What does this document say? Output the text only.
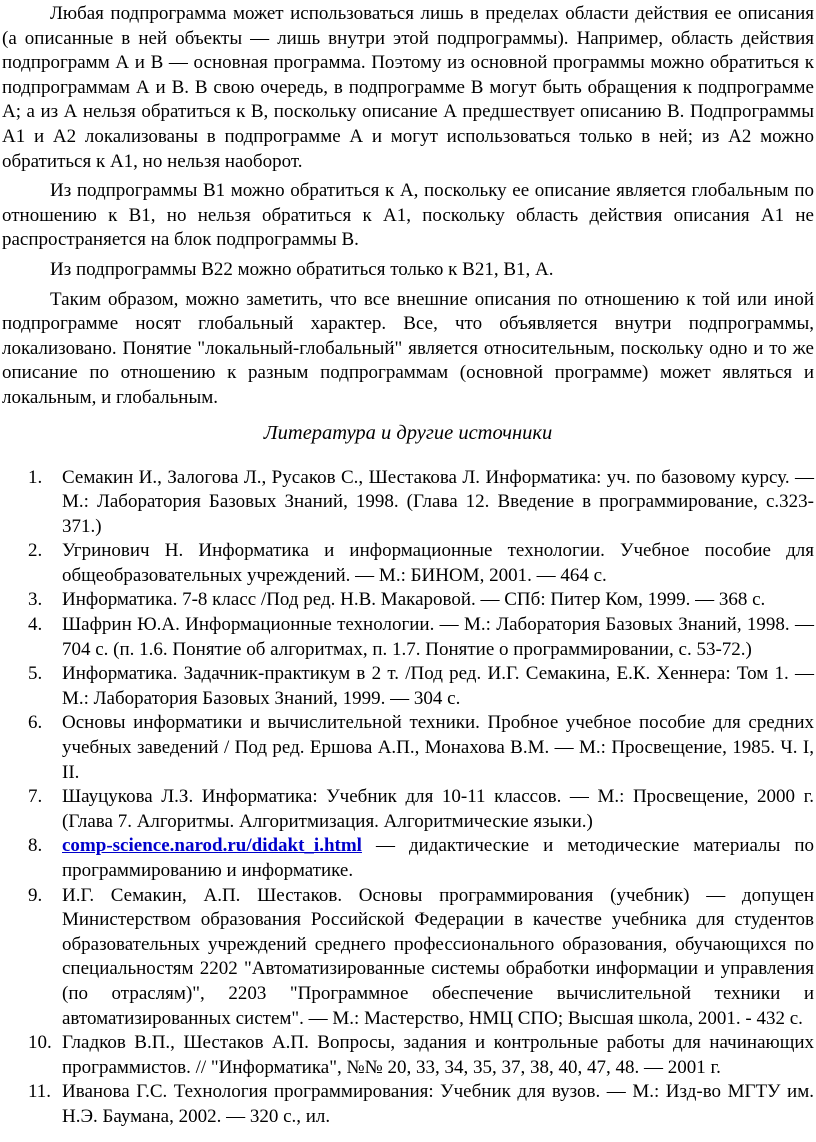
Любая подпрограмма может использоваться лишь в пределах области действия ее описания (а описанные в ней объекты — лишь внутри этой подпрограммы). Например, область действия подпрограмм А и В — основная программа. Поэтому из основной программы можно обратиться к подпрограммам А и В. В свою очередь, в подпрограмме В могут быть обращения к подпрограмме А; а из А нельзя обратиться к В, поскольку описание А предшествует описанию В. Подпрограммы А1 и А2 локализованы в подпрограмме А и могут использоваться только в ней; из А2 можно обратиться к А1, но нельзя наоборот.

Из подпрограммы В1 можно обратиться к А, поскольку ее описание является глобальным по отношению к В1, но нельзя обратиться к А1, поскольку область действия описания А1 не распространяется на блок подпрограммы В.

Из подпрограммы В22 можно обратиться только к В21, В1, А.

Таким образом, можно заметить, что все внешние описания по отношению к той или иной подпрограмме носят глобальный характер. Все, что объявляется внутри подпрограммы, локализовано. Понятие "локальный-глобальный" является относительным, поскольку одно и то же описание по отношению к разным подпрограммам (основной программе) может являться и локальным, и глобальным.

Литература и другие источники
1.	Семакин И., Залогова Л., Русаков С., Шестакова Л. Информатика: уч. по базовому курсу. — М.: Лаборатория Базовых Знаний, 1998. (Глава 12. Введение в программирование, с.323-371.)
2.	Угринович Н. Информатика и информационные технологии. Учебное пособие для общеобразовательных учреждений. — М.: БИНОМ, 2001. — 464 с.
3.	Информатика. 7-8 класс /Под ред. Н.В. Макаровой. — СПб: Питер Ком, 1999. — 368 с.
4.	Шафрин Ю.А. Информационные технологии. — М.: Лаборатория Базовых Знаний, 1998. — 704 с. (п. 1.6. Понятие об алгоритмах, п. 1.7. Понятие о программировании, с. 53-72.)
5.	Информатика. Задачник-практикум в 2 т. /Под ред. И.Г. Семакина, Е.К. Хеннера: Том 1. — М.: Лаборатория Базовых Знаний, 1999. — 304 с.
6.	Основы информатики и вычислительной техники. Пробное учебное пособие для средних учебных заведений / Под ред. Ершова А.П., Монахова В.М. — М.: Просвещение, 1985. Ч. I, II.
7.	Шауцукова Л.З. Информатика: Учебник для 10-11 классов. — М.: Просвещение, 2000 г. (Глава 7. Алгоритмы. Алгоритмизация. Алгоритмические языки.)
8.	comp-science.narod.ru/didakt_i.html — дидактические и методические материалы по программированию и информатике.
9.	И.Г. Семакин, А.П. Шестаков. Основы программирования (учебник) — допущен Министерством образования Российской Федерации в качестве учебника для студентов образовательных учреждений среднего профессионального образования, обучающихся по специальностям 2202 "Автоматизированные системы обработки информации и управления (по отраслям)", 2203 "Программное обеспечение вычислительной техники и автоматизированных систем". — М.: Мастерство, НМЦ СПО; Высшая школа, 2001. - 432 с.
10. Гладков В.П., Шестаков А.П. Вопросы, задания и контрольные работы для начинающих программистов. // "Информатика", №№ 20, 33, 34, 35, 37, 38, 40, 47, 48. — 2001 г.
11. Иванова Г.С. Технология программирования: Учебник для вузов. — М.: Изд-во МГТУ им. Н.Э. Баумана, 2002. — 320 с., ил.
